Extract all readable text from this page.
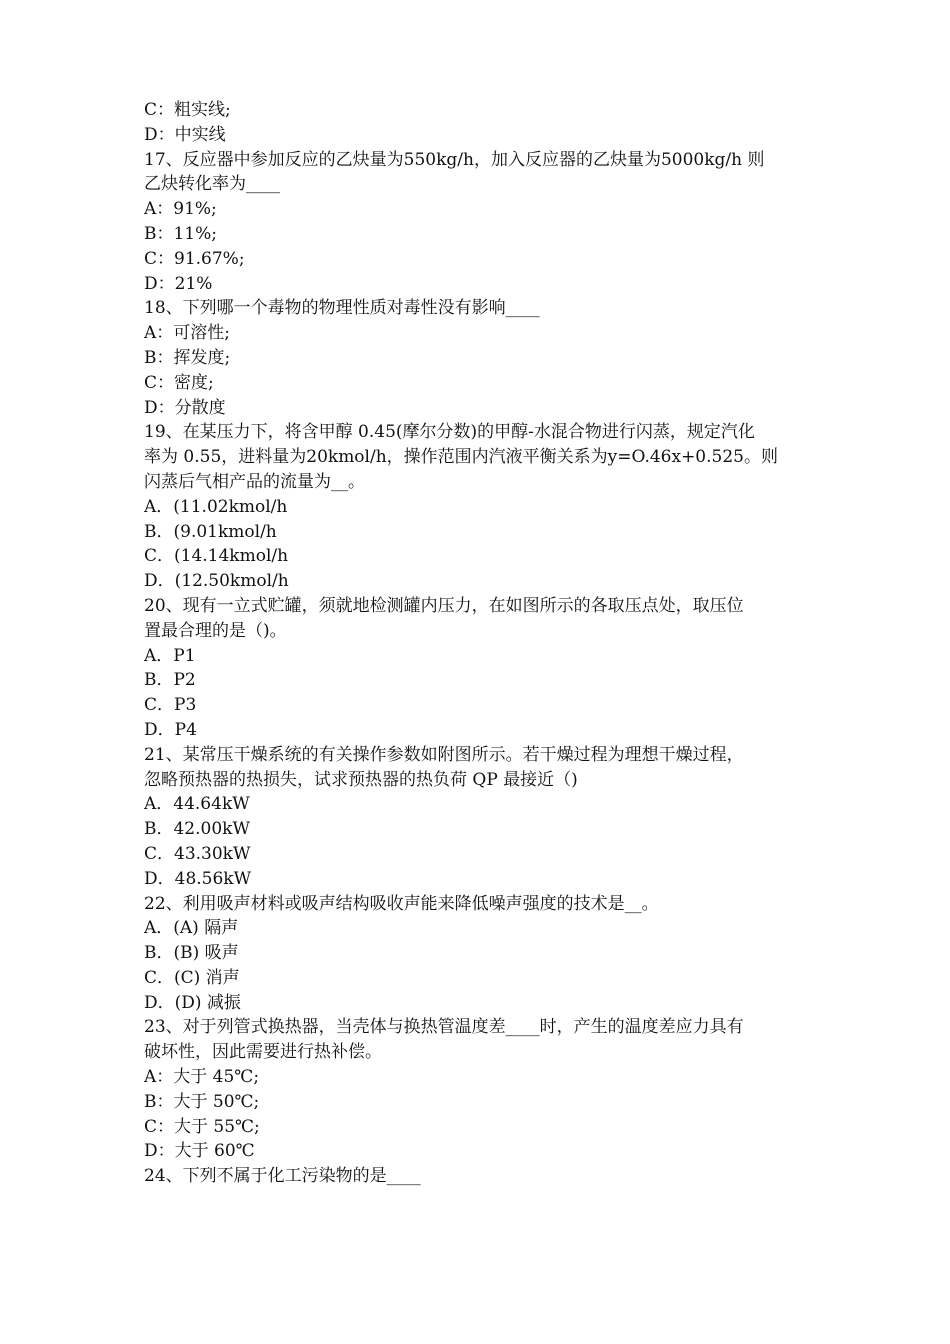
C：粗实线;
D：中实线
17、反应器中参加反应的乙炔量为550kg/h，加入反应器的乙炔量为5000kg/h 则
乙炔转化率为____
A：91%;
B：11%;
C：91.67%;
D：21%
18、下列哪一个毒物的物理性质对毒性没有影响____
A：可溶性;
B：挥发度;
C：密度;
D：分散度
19、在某压力下，将含甲醇 0.45(摩尔分数)的甲醇-水混合物进行闪蒸，规定汽化
率为 0.55，进料量为20kmol/h，操作范围内汽液平衡关系为y=O.46x+0.525。则
闪蒸后气相产品的流量为__。
A．(11.02kmol/h
B．(9.01kmol/h
C．(14.14kmol/h
D．(12.50kmol/h
20、现有一立式贮罐，须就地检测罐内压力，在如图所示的各取压点处，取压位
置最合理的是（)。
A．P1
B．P2
C．P3
D．P4
21、某常压干燥系统的有关操作参数如附图所示。若干燥过程为理想干燥过程，
忽略预热器的热损失，试求预热器的热负荷 QP 最接近（)
A．44.64kW
B．42.00kW
C．43.30kW
D．48.56kW
22、利用吸声材料或吸声结构吸收声能来降低噪声强度的技术是__。
A．(A) 隔声
B．(B) 吸声
C．(C) 消声
D．(D) 减振
23、对于列管式换热器，当壳体与换热管温度差____时，产生的温度差应力具有
破坏性，因此需要进行热补偿。
A：大于 45℃;
B：大于 50℃;
C：大于 55℃;
D：大于 60℃
24、下列不属于化工污染物的是____
